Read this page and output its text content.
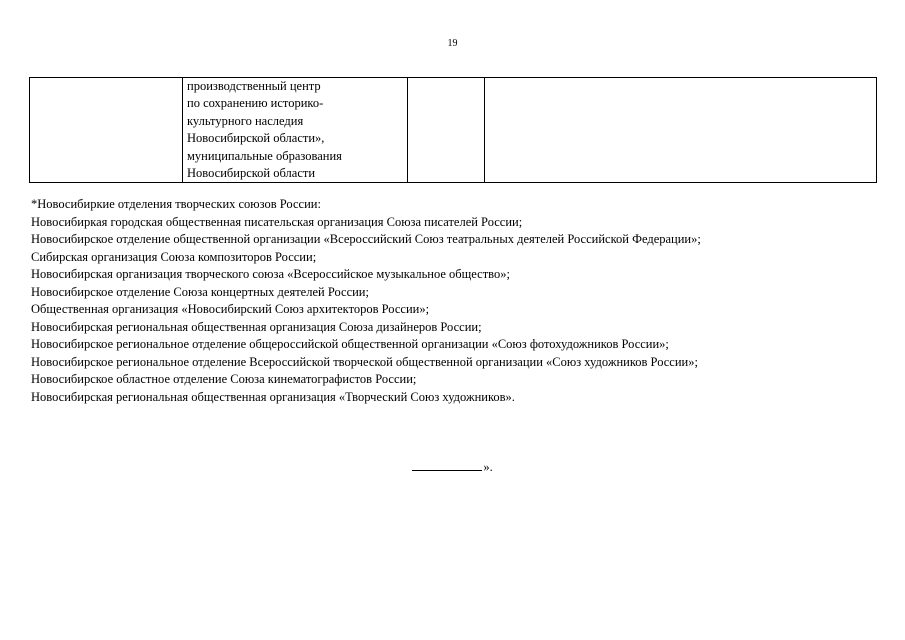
19

производственный центр
по сохранению историко-
культурного наследия
Новосибирской области»,
муниципальные образования
Новосибирской области

*Новосибиркие отделения творческих союзов России:
Новосибиркая городская общественная писательская организация Союза писателей России;
Новосибирское отделение общественной организации «Всероссийский Союз театральных деятелей Российской Федерации»;
Сибирская организация Союза композиторов России;
Новосибирская организация творческого союза «Всероссийское музыкальное общество»;
Новосибирское отделение Союза концертных деятелей России;
Общественная организация «Новосибирский Союз архитекторов России»;
Новосибирская региональная общественная организация Союза дизайнеров России;
Новосибирское региональное отделение общероссийской общественной организации «Союз фотохудожников России»;
Новосибирское региональное отделение Всероссийской творческой общественной организации «Союз художников России»;
Новосибирское областное отделение Союза кинематографистов России;
Новосибирская региональная общественная организация «Творческий Союз художников».
».
